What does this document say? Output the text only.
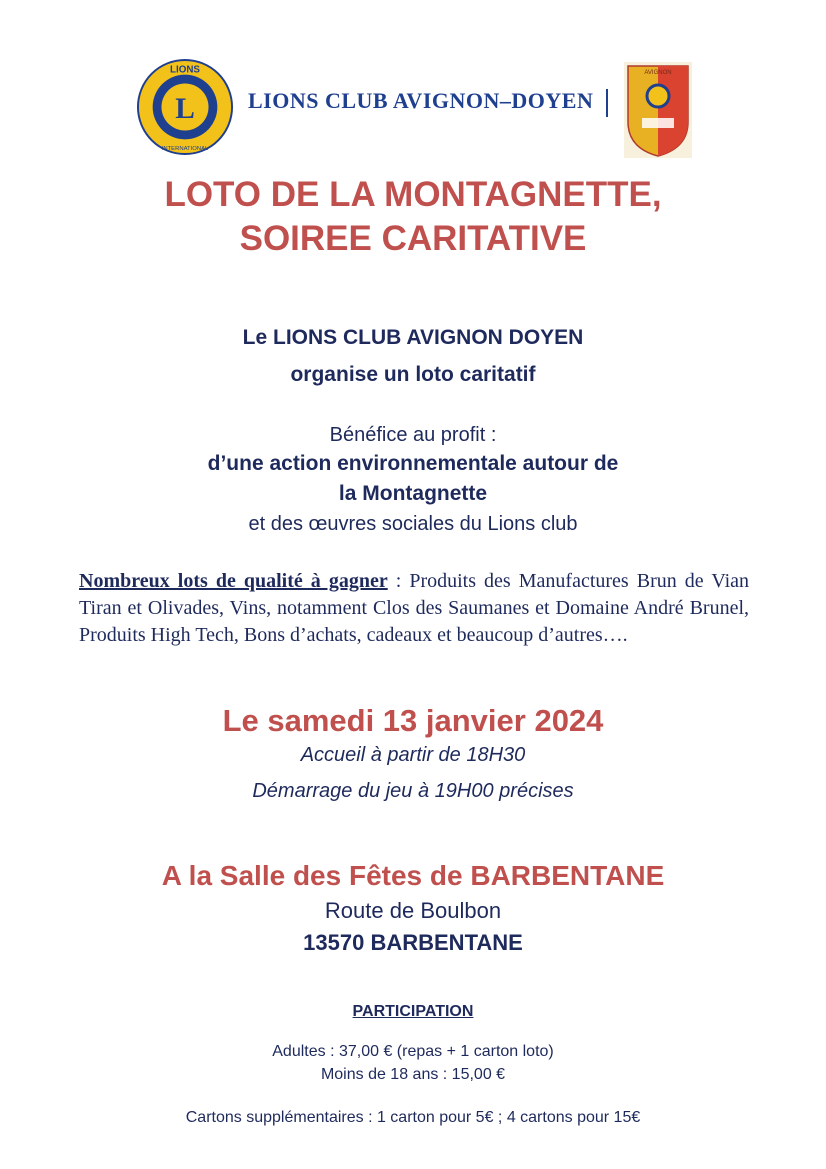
L
LIONS
INTERNATIONAL
LIONS CLUB AVIGNON–DOYEN
AVIGNON
LOTO DE LA MONTAGNETTE,
SOIREE CARITATIVE
Le LIONS CLUB AVIGNON DOYEN
organise un loto caritatif
Bénéfice au profit :
d’une action environnementale autour de
la Montagnette
et des œuvres sociales du Lions club
Nombreux lots de qualité à gagner : Produits des Manufactures Brun de Vian Tiran et Olivades, Vins, notamment Clos des Saumanes et Domaine André Brunel, Produits High Tech, Bons d’achats, cadeaux et beaucoup d’autres….
Le samedi 13 janvier 2024
Accueil à partir de 18H30
Démarrage du jeu à 19H00 précises
A la Salle des Fêtes de BARBENTANE
Route de Boulbon
13570 BARBENTANE
PARTICIPATION
Adultes : 37,00 € (repas + 1 carton loto)
Moins de 18 ans : 15,00 €
Cartons supplémentaires : 1 carton pour 5€ ; 4 cartons pour 15€
